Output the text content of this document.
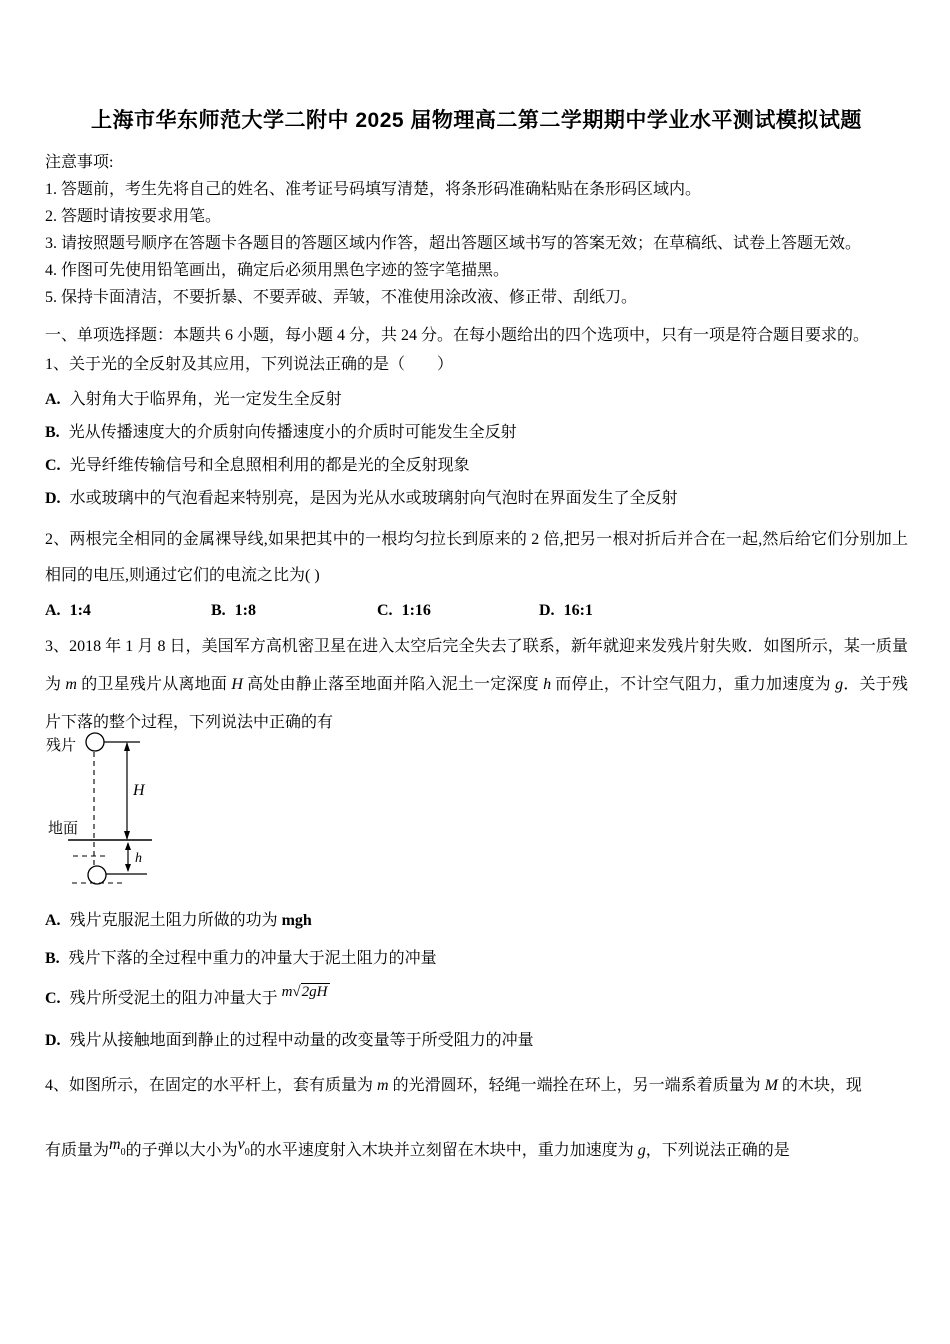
上海市华东师范大学二附中 2025 届物理高二第二学期期中学业水平测试模拟试题

注意事项:

1. 答题前，考生先将自己的姓名、准考证号码填写清楚，将条形码准确粘贴在条形码区域内。

2. 答题时请按要求用笔。

3. 请按照题号顺序在答题卡各题目的答题区域内作答，超出答题区域书写的答案无效；在草稿纸、试卷上答题无效。

4. 作图可先使用铅笔画出，确定后必须用黑色字迹的签字笔描黑。

5. 保持卡面清洁，不要折暴、不要弄破、弄皱，不准使用涂改液、修正带、刮纸刀。

一、单项选择题：本题共 6 小题，每小题 4 分，共 24 分。在每小题给出的四个选项中，只有一项是符合题目要求的。

1、关于光的全反射及其应用，下列说法正确的是（　　）

A. 入射角大于临界角，光一定发生全反射

B. 光从传播速度大的介质射向传播速度小的介质时可能发生全反射

C. 光导纤维传输信号和全息照相利用的都是光的全反射现象

D. 水或玻璃中的气泡看起来特别亮，是因为光从水或玻璃射向气泡时在界面发生了全反射

2、两根完全相同的金属裸导线,如果把其中的一根均匀拉长到原来的 2 倍,把另一根对折后并合在一起,然后给它们分别加上相同的电压,则通过它们的电流之比为( )

A. 1:4	B. 1:8	C. 1:16	D. 16:1

3、2018 年 1 月 8 日，美国军方高机密卫星在进入太空后完全失去了联系，新年就迎来发残片射失败．如图所示，某一质量为 m 的卫星残片从离地面 H 高处由静止落至地面并陷入泥土一定深度 h 而停止，不计空气阻力，重力加速度为 g．关于残片下落的整个过程，下列说法中正确的有

残片
H
地面
h

A. 残片克服泥土阻力所做的功为 mgh

B. 残片下落的全过程中重力的冲量大于泥土阻力的冲量

C. 残片所受泥土的阻力冲量大于 m√2gH

D. 残片从接触地面到静止的过程中动量的改变量等于所受阻力的冲量

4、如图所示，在固定的水平杆上，套有质量为 m 的光滑圆环，轻绳一端拴在环上，另一端系着质量为 M 的木块，现

有质量为$m_0$的子弹以大小为$v_0$的水平速度射入木块并立刻留在木块中，重力加速度为 g，下列说法正确的是
